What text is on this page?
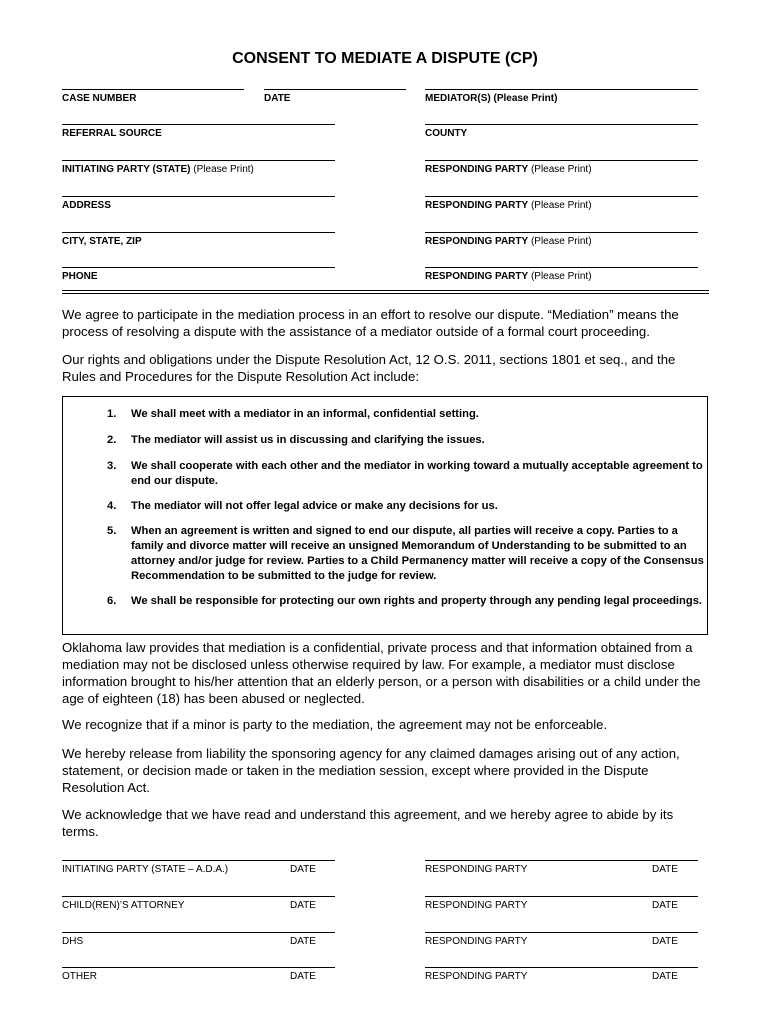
CONSENT TO MEDIATE A DISPUTE (CP)
CASE NUMBER	DATE	MEDIATOR(S) (Please Print)
REFERRAL SOURCE	COUNTY
INITIATING PARTY (STATE) (Please Print)	RESPONDING PARTY (Please Print)
ADDRESS	RESPONDING PARTY (Please Print)
CITY, STATE, ZIP	RESPONDING PARTY (Please Print)
PHONE	RESPONDING PARTY (Please Print)
We agree to participate in the mediation process in an effort to resolve our dispute. “Mediation” means the process of resolving a dispute with the assistance of a mediator outside of a formal court proceeding.
Our rights and obligations under the Dispute Resolution Act, 12 O.S. 2011, sections 1801 et seq., and the Rules and Procedures for the Dispute Resolution Act include:
1. We shall meet with a mediator in an informal, confidential setting.
2. The mediator will assist us in discussing and clarifying the issues.
3. We shall cooperate with each other and the mediator in working toward a mutually acceptable agreement to end our dispute.
4. The mediator will not offer legal advice or make any decisions for us.
5. When an agreement is written and signed to end our dispute, all parties will receive a copy. Parties to a family and divorce matter will receive an unsigned Memorandum of Understanding to be submitted to an attorney and/or judge for review. Parties to a Child Permanency matter will receive a copy of the Consensus Recommendation to be submitted to the judge for review.
6. We shall be responsible for protecting our own rights and property through any pending legal proceedings.
Oklahoma law provides that mediation is a confidential, private process and that information obtained from a mediation may not be disclosed unless otherwise required by law. For example, a mediator must disclose information brought to his/her attention that an elderly person, or a person with disabilities or a child under the age of eighteen (18) has been abused or neglected.
We recognize that if a minor is party to the mediation, the agreement may not be enforceable.
We hereby release from liability the sponsoring agency for any claimed damages arising out of any action, statement, or decision made or taken in the mediation session, except where provided in the Dispute Resolution Act.
We acknowledge that we have read and understand this agreement, and we hereby agree to abide by its terms.
INITIATING PARTY (STATE – A.D.A.)	DATE	RESPONDING PARTY	DATE
CHILD(REN)’S ATTORNEY	DATE	RESPONDING PARTY	DATE
DHS	DATE	RESPONDING PARTY	DATE
OTHER	DATE	RESPONDING PARTY	DATE
